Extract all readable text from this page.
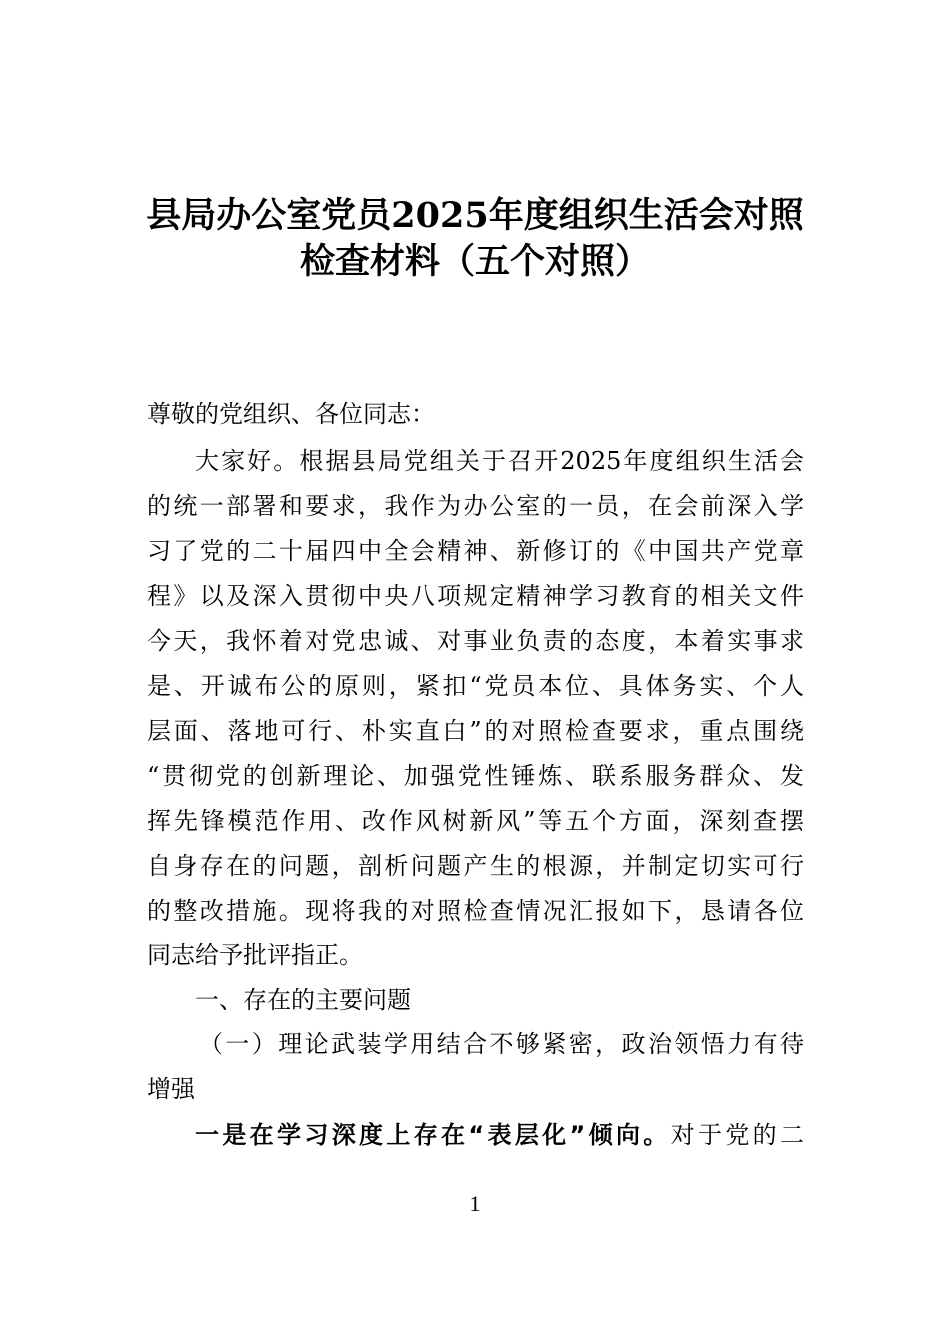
县局办公室党员2025年度组织生活会对照
检查材料（五个对照）
尊敬的党组织、各位同志：
大家好。根据县局党组关于召开2025年度组织生活会
的统一部署和要求，我作为办公室的一员，在会前深入学
习了党的二十届四中全会精神、新修订的《中国共产党章
程》以及深入贯彻中央八项规定精神学习教育的相关文件
今天，我怀着对党忠诚、对事业负责的态度，本着实事求
是、开诚布公的原则，紧扣“党员本位、具体务实、个人
层面、落地可行、朴实直白”的对照检查要求，重点围绕
“贯彻党的创新理论、加强党性锤炼、联系服务群众、发
挥先锋模范作用、改作风树新风”等五个方面，深刻查摆
自身存在的问题，剖析问题产生的根源，并制定切实可行
的整改措施。现将我的对照检查情况汇报如下，恳请各位
同志给予批评指正。
一、存在的主要问题
（一）理论武装学用结合不够紧密，政治领悟力有待
增强
一是在学习深度上存在“表层化”倾向。对于党的二
1
